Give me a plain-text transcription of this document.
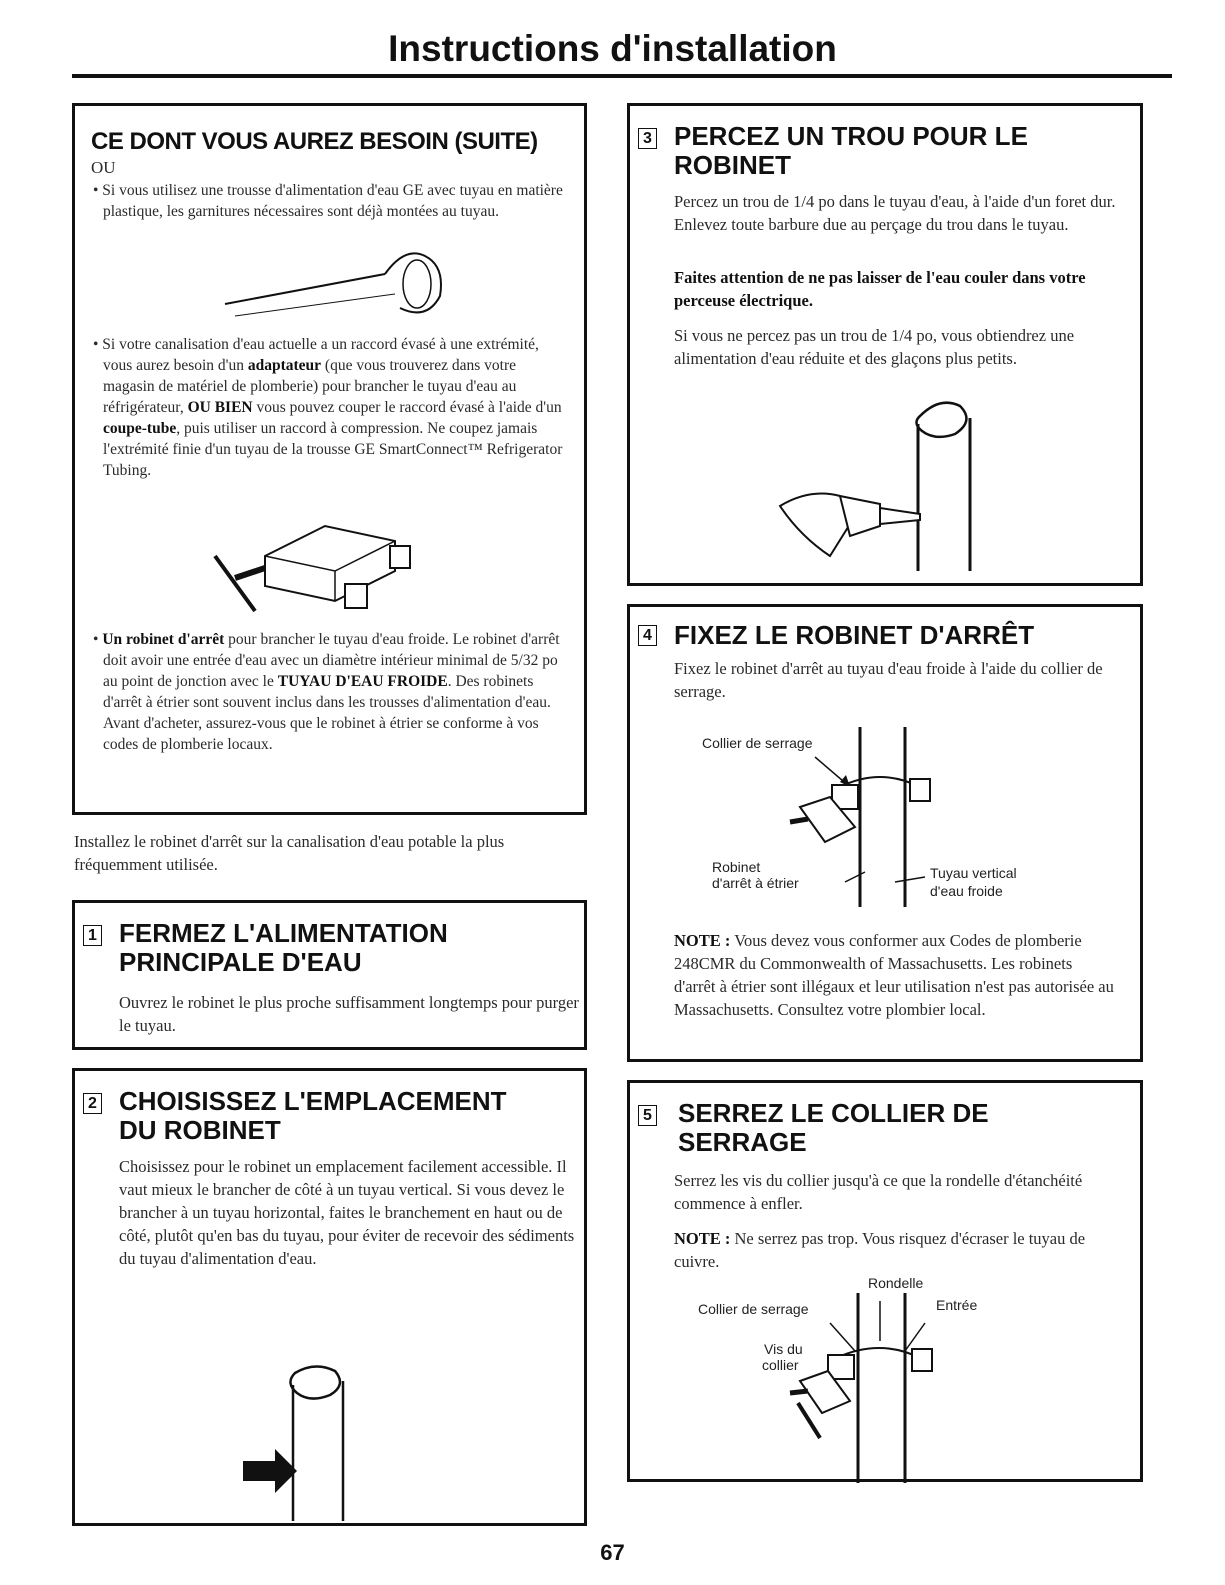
Instructions d'installation

CE DONT VOUS AUREZ BESOIN (SUITE)

OU

• Si vous utilisez une trousse d'alimentation d'eau GE avec tuyau en matière plastique, les garnitures nécessaires sont déjà montées au tuyau.

• Si votre canalisation d'eau actuelle a un raccord évasé à une extrémité, vous aurez besoin d'un adaptateur (que vous trouverez dans votre magasin de matériel de plomberie) pour brancher le tuyau d'eau au réfrigérateur, OU BIEN vous pouvez couper le raccord évasé à l'aide d'un coupe-tube, puis utiliser un raccord à compression. Ne coupez jamais l'extrémité finie d'un tuyau de la trousse GE SmartConnect™ Refrigerator Tubing.

• Un robinet d'arrêt pour brancher le tuyau d'eau froide. Le robinet d'arrêt doit avoir une entrée d'eau avec un diamètre intérieur minimal de 5/32 po au point de jonction avec le TUYAU D'EAU FROIDE. Des robinets d'arrêt à étrier sont souvent inclus dans les trousses d'alimentation d'eau. Avant d'acheter, assurez-vous que le robinet à étrier se conforme à vos codes de plomberie locaux.

Installez le robinet d'arrêt sur la canalisation d'eau potable la plus fréquemment utilisée.

1 FERMEZ L'ALIMENTATION PRINCIPALE D'EAU

Ouvrez le robinet le plus proche suffisamment longtemps pour purger le tuyau.

2 CHOISISSEZ L'EMPLACEMENT DU ROBINET

Choisissez pour le robinet un emplacement facilement accessible. Il vaut mieux le brancher de côté à un tuyau vertical. Si vous devez le brancher à un tuyau horizontal, faites le branchement en haut ou de côté, plutôt qu'en bas du tuyau, pour éviter de recevoir des sédiments du tuyau d'alimentation d'eau.

3 PERCEZ UN TROU POUR LE ROBINET

Percez un trou de 1/4 po dans le tuyau d'eau, à l'aide d'un foret dur. Enlevez toute barbure due au perçage du trou dans le tuyau.

Faites attention de ne pas laisser de l'eau couler dans votre perceuse électrique.

Si vous ne percez pas un trou de 1/4 po, vous obtiendrez une alimentation d'eau réduite et des glaçons plus petits.

4 FIXEZ LE ROBINET D'ARRÊT

Fixez le robinet d'arrêt au tuyau d'eau froide à l'aide du collier de serrage.

Collier de serrage
Robinet
d'arrêt à étrier
Tuyau vertical
d'eau froide

NOTE : Vous devez vous conformer aux Codes de plomberie 248CMR du Commonwealth of Massachusetts. Les robinets d'arrêt à étrier sont illégaux et leur utilisation n'est pas autorisée au Massachusetts. Consultez votre plombier local.

5 SERREZ LE COLLIER DE SERRAGE

Serrez les vis du collier jusqu'à ce que la rondelle d'étanchéité commence à enfler.

NOTE : Ne serrez pas trop. Vous risquez d'écraser le tuyau de cuivre.

Rondelle
Collier de serrage	Entrée
Vis du
collier
67
